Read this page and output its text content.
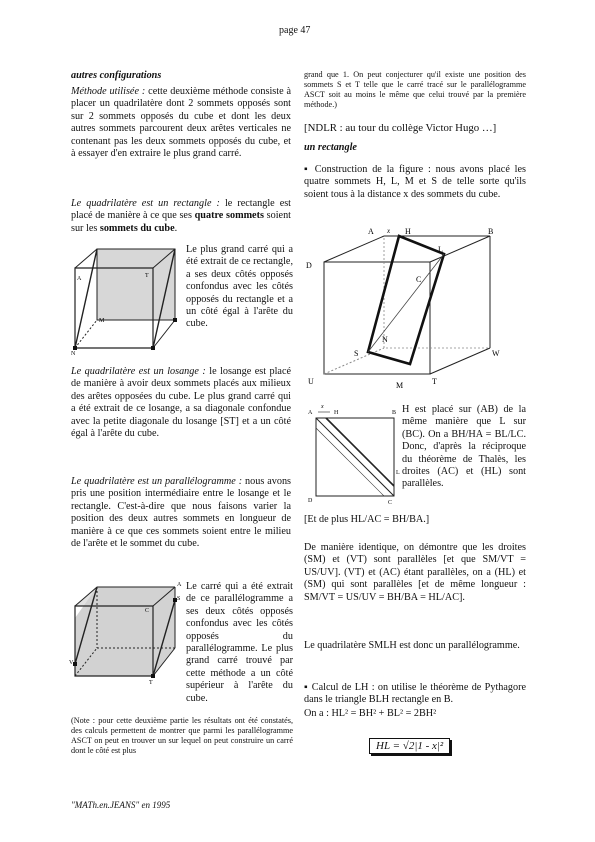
page 47

autres configurations

Méthode utilisée : cette deuxième méthode consiste à placer un quadrilatère dont 2 sommets opposés sont sur 2 sommets opposés du cube et dont les deux autres sommets parcourent deux arêtes verticales ne contenant pas les deux sommets opposés du cube, et à essayer d'en extraire le plus grand carré.

Le quadrilatère est un rectangle : le rectangle est placé de manière à ce que ses quatre sommets soient sur les sommets du cube.

A	T
M
N

Le plus grand carré qui a été extrait de ce rectangle, a ses deux côtés opposés confondus avec les côtés opposés du rectangle et a un côté égal à l'arête du cube.

Le quadrilatère est un losange : le losange est placé de manière à avoir deux sommets placés aux milieux des arêtes opposées du cube. Le plus grand carré qui a été extrait de ce losange, a sa diagonale confondue avec la petite diagonale du losange [ST] et a un côté égal à l'arête du cube.

Le quadrilatère est un parallélogramme : nous avons pris une position intermédiaire entre le losange et le rectangle. C'est-à-dire que nous faisons varier la position des deux autres sommets en longueur de manière à ce que ces sommets soient entre le milieu de l'arête et le sommet du cube.

A
S
C
V
T

Le carré qui a été extrait de ce parallélogramme a ses deux côtés opposés confondus avec les côtés opposés du parallélogramme. Le plus grand carré trouvé par cette méthode a un côté supérieur à l'arête du cube.

(Note : pour cette deuxième partie les résultats ont été constatés, des calculs permettent de montrer que parmi les parallélogramme ASCT on peut en trouver un sur lequel on peut construire un carré dont le côté est plus

"MATh.en.JEANS" en 1995

grand que 1. On peut conjecturer qu'il existe une position des sommets S et T telle que le carré tracé sur le parallélogramme ASCT soit au moins le même que celui trouvé par la première méthode.)

[NDLR : au tour du collège Victor Hugo …]

un rectangle

▪ Construction de la figure : nous avons placé les quatre sommets H, L, M et S de telle sorte qu'ils soient tous à la distance x des sommets du cube.

x
A	H	B
D
L
C
N
S	W
U	M	T
A
x
H	B
D	C
L

H est placé sur (AB) de la même manière que L sur (BC). On a BH/HA = BL/LC. Donc, d'après la réciproque du théorème de Thalès, les droites (AC) et (HL) sont parallèles.

[Et de plus HL/AC = BH/BA.]

De manière identique, on démontre que les droites (SM) et (VT) sont parallèles [et que SM/VT = US/UV]. (VT) et (AC) étant parallèles, on a (HL) et (SM) qui sont parallèles [et de même longueur : SM/VT = US/UV = BH/BA = HL/AC].

Le quadrilatère SMLH est donc un parallélogramme.

▪ Calcul de LH : on utilise le théorème de Pythagore dans le triangle BLH rectangle en B.

On a : HL² = BH² + BL² = 2BH²

HL = √2|1 - x|²
